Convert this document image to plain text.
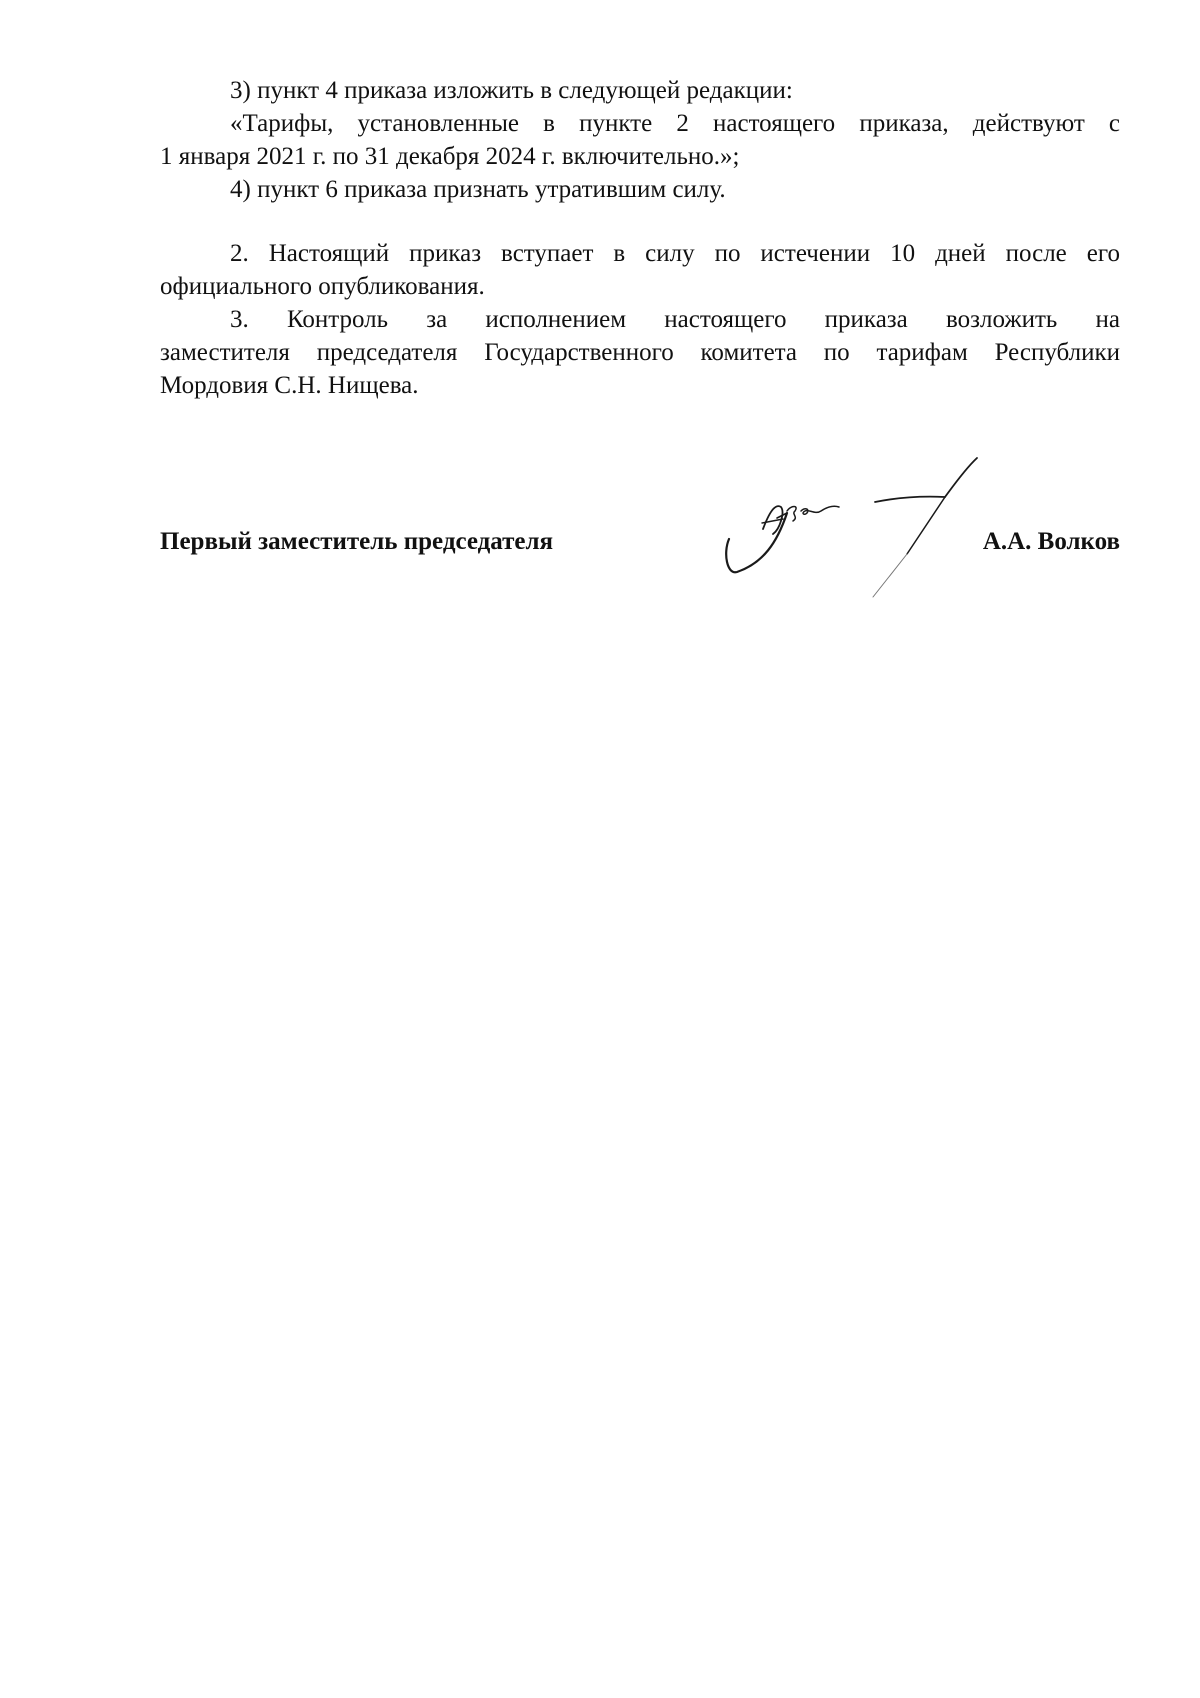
3) пункт 4 приказа изложить в следующей редакции:
«Тарифы, установленные в пункте 2 настоящего приказа, действуют с
1 января 2021 г. по 31 декабря 2024 г. включительно.»;
4) пункт 6 приказа признать утратившим силу.
2. Настоящий приказ вступает в силу по истечении 10 дней после его
официального опубликования.
3. Контроль за исполнением настоящего приказа возложить на
заместителя председателя Государственного комитета по тарифам Республики
Мордовия С.Н. Нищева.
Первый заместитель председателя	А.А. Волков
